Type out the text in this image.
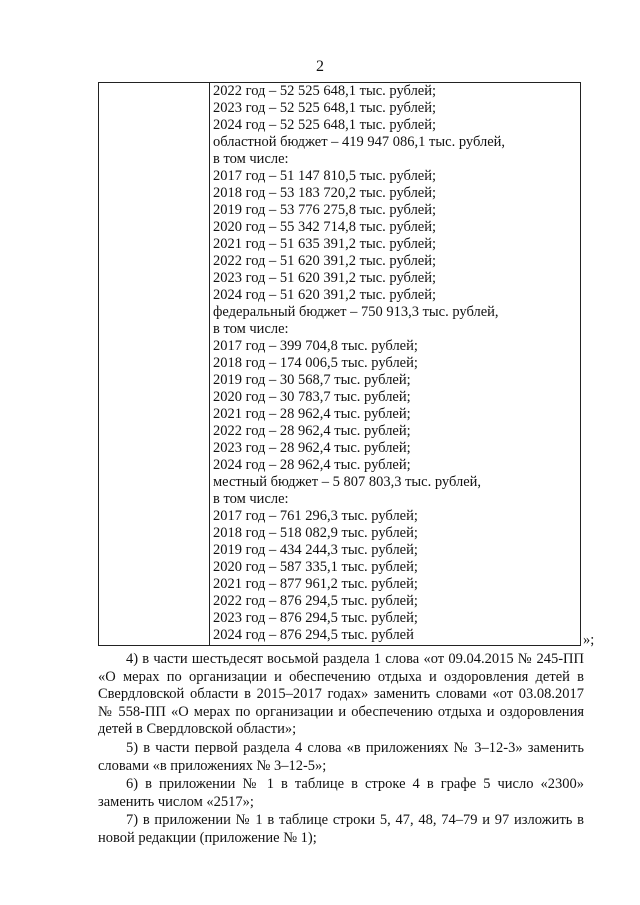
2
2022 год – 52 525 648,1 тыс. рублей;
2023 год – 52 525 648,1 тыс. рублей;
2024 год – 52 525 648,1 тыс. рублей;
областной бюджет – 419 947 086,1 тыс. рублей,
в том числе:
2017 год – 51 147 810,5 тыс. рублей;
2018 год – 53 183 720,2 тыс. рублей;
2019 год – 53 776 275,8 тыс. рублей;
2020 год – 55 342 714,8 тыс. рублей;
2021 год – 51 635 391,2 тыс. рублей;
2022 год – 51 620 391,2 тыс. рублей;
2023 год – 51 620 391,2 тыс. рублей;
2024 год – 51 620 391,2 тыс. рублей;
федеральный бюджет – 750 913,3 тыс. рублей,
в том числе:
2017 год – 399 704,8 тыс. рублей;
2018 год – 174 006,5 тыс. рублей;
2019 год – 30 568,7 тыс. рублей;
2020 год – 30 783,7 тыс. рублей;
2021 год – 28 962,4 тыс. рублей;
2022 год – 28 962,4 тыс. рублей;
2023 год – 28 962,4 тыс. рублей;
2024 год – 28 962,4 тыс. рублей;
местный бюджет – 5 807 803,3 тыс. рублей,
в том числе:
2017 год – 761 296,3 тыс. рублей;
2018 год – 518 082,9 тыс. рублей;
2019 год – 434 244,3 тыс. рублей;
2020 год – 587 335,1 тыс. рублей;
2021 год – 877 961,2 тыс. рублей;
2022 год – 876 294,5 тыс. рублей;
2023 год – 876 294,5 тыс. рублей;
2024 год – 876 294,5 тыс. рублей	»;

4) в части шестьдесят восьмой раздела 1 слова «от 09.04.2015 № 245-ПП «О мерах по организации и обеспечению отдыха и оздоровления детей в Свердловской области в 2015–2017 годах» заменить словами «от 03.08.2017 № 558-ПП «О мерах по организации и обеспечению отдыха и оздоровления детей в Свердловской области»;

5) в части первой раздела 4 слова «в приложениях № 3–12-3» заменить словами «в приложениях № 3–12-5»;

6) в приложении № 1 в таблице в строке 4 в графе 5 число «2300» заменить числом «2517»;

7) в приложении № 1 в таблице строки 5, 47, 48, 74–79 и 97 изложить в новой редакции (приложение № 1);
